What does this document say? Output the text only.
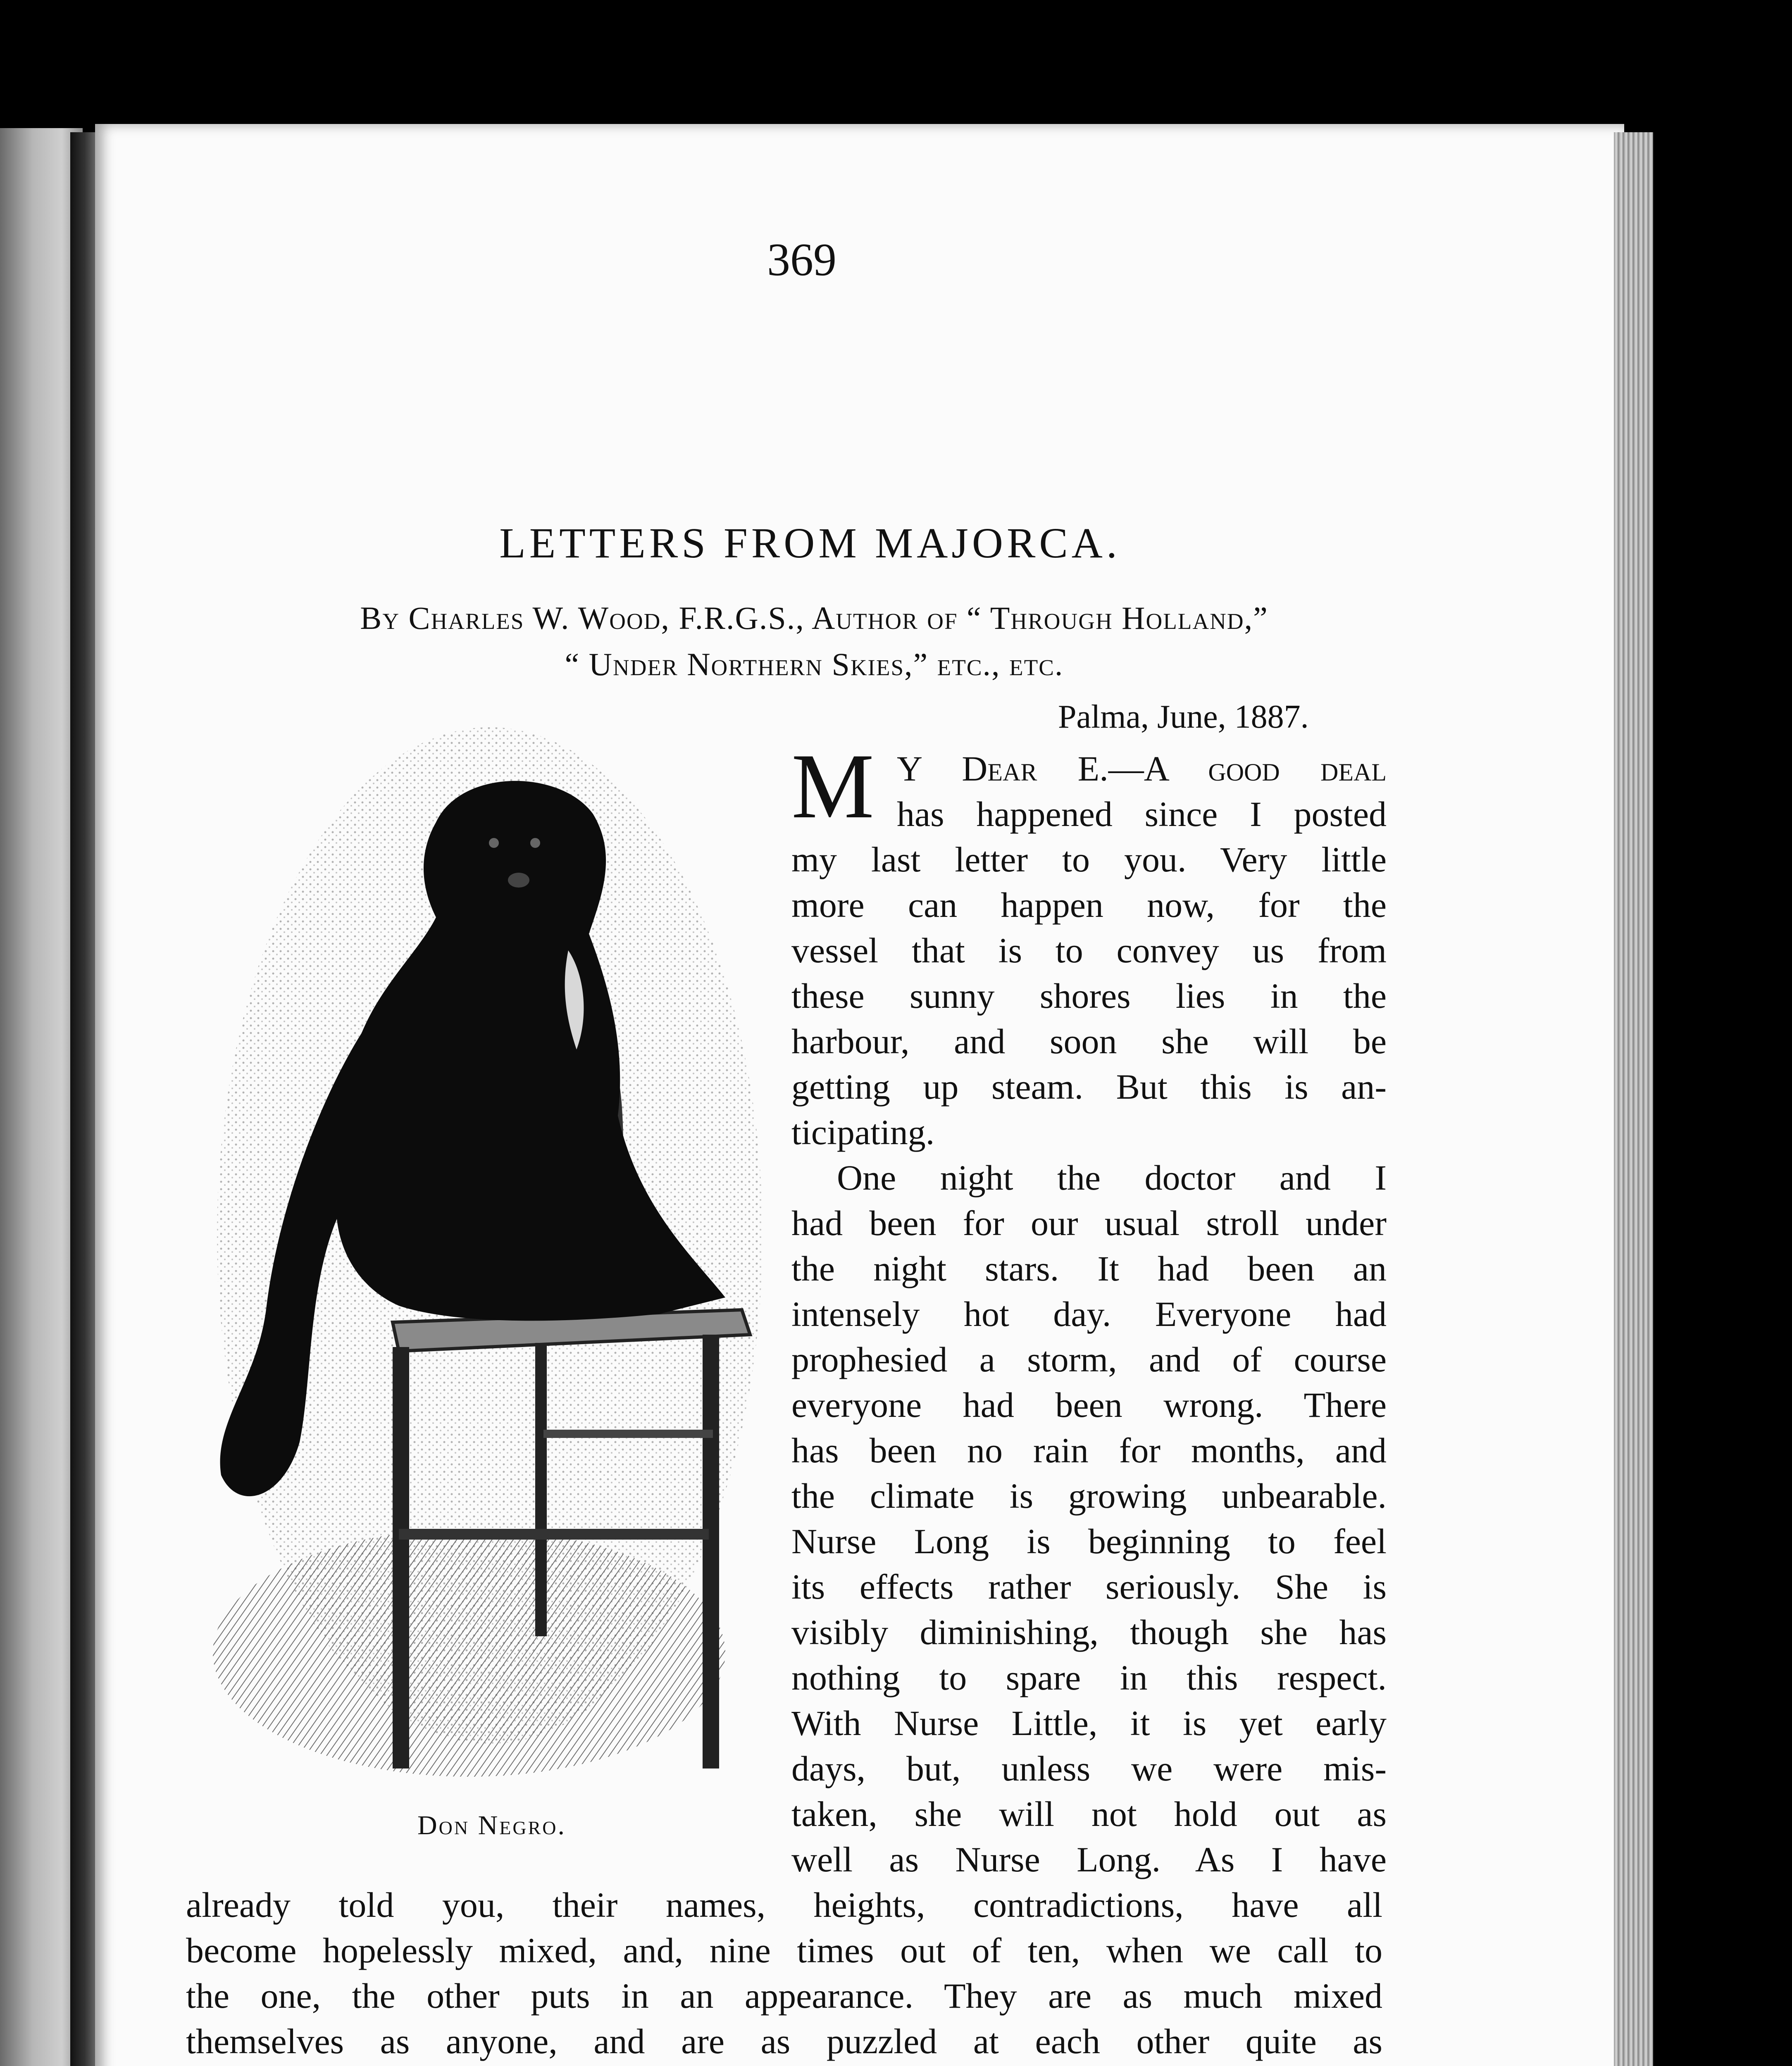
369
LETTERS FROM MAJORCA.
By Charles W. Wood, F.R.G.S., Author of “ Through Holland,”
“ Under Northern Skies,” etc., etc.
Palma, June, 1887.
Don Negro.
M Y Dear E.—A good deal
has happened since I posted
my last letter to you. Very little
more can happen now, for the
vessel that is to convey us from
these sunny shores lies in the
harbour, and soon she will be
getting up steam. But this is an-
ticipating.
One night the doctor and I
had been for our usual stroll under
the night stars. It had been an
intensely hot day. Everyone had
prophesied a storm, and of course
everyone had been wrong. There
has been no rain for months, and
the climate is growing unbearable.
Nurse Long is beginning to feel
its effects rather seriously. She is
visibly diminishing, though she has
nothing to spare in this respect.
With Nurse Little, it is yet early
days, but, unless we were mis-
taken, she will not hold out as
well as Nurse Long. As I have
already told you, their names, heights, contradictions, have all
become hopelessly mixed, and, nine times out of ten, when we call to
the one, the other puts in an appearance. They are as much mixed
themselves as anyone, and are as puzzled at each other quite as
